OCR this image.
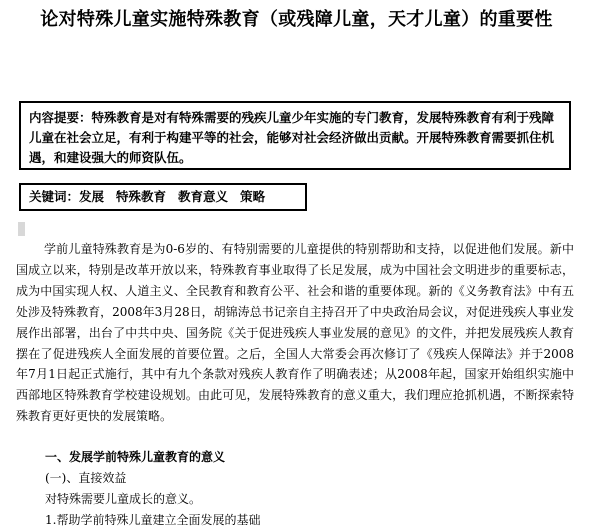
论对特殊儿童实施特殊教育（或残障儿童，天才儿童）的重要性
内容提要：特殊教育是对有特殊需要的残疾儿童少年实施的专门教育，发展特殊教育有利于残障儿童在社会立足，有利于构建平等的社会，能够对社会经济做出贡献。开展特殊教育需要抓住机遇，和建设强大的师资队伍。
关键词：发展 特殊教育 教育意义 策略
学前儿童特殊教育是为0-6岁的、有特别需要的儿童提供的特别帮助和支持，以促进他们发展。新中国成立以来，特别是改革开放以来，特殊教育事业取得了长足发展，成为中国社会文明进步的重要标志，成为中国实现人权、人道主义、全民教育和教育公平、社会和谐的重要体现。新的《义务教育法》中有五处涉及特殊教育，2008年3月28日，胡锦涛总书记亲自主持召开了中央政治局会议，对促进残疾人事业发展作出部署，出台了中共中央、国务院《关于促进残疾人事业发展的意见》的文件，并把发展残疾人教育摆在了促进残疾人全面发展的首要位置。之后，全国人大常委会再次修订了《残疾人保障法》并于2008年7月1日起正式施行，其中有九个条款对残疾人教育作了明确表述；从2008年起，国家开始组织实施中西部地区特殊教育学校建设规划。由此可见，发展特殊教育的意义重大，我们理应抢抓机遇，不断探索特殊教育更好更快的发展策略。
一、发展学前特殊儿童教育的意义
(一)、直接效益
对特殊需要儿童成长的意义。
1.帮助学前特殊儿童建立全面发展的基础
